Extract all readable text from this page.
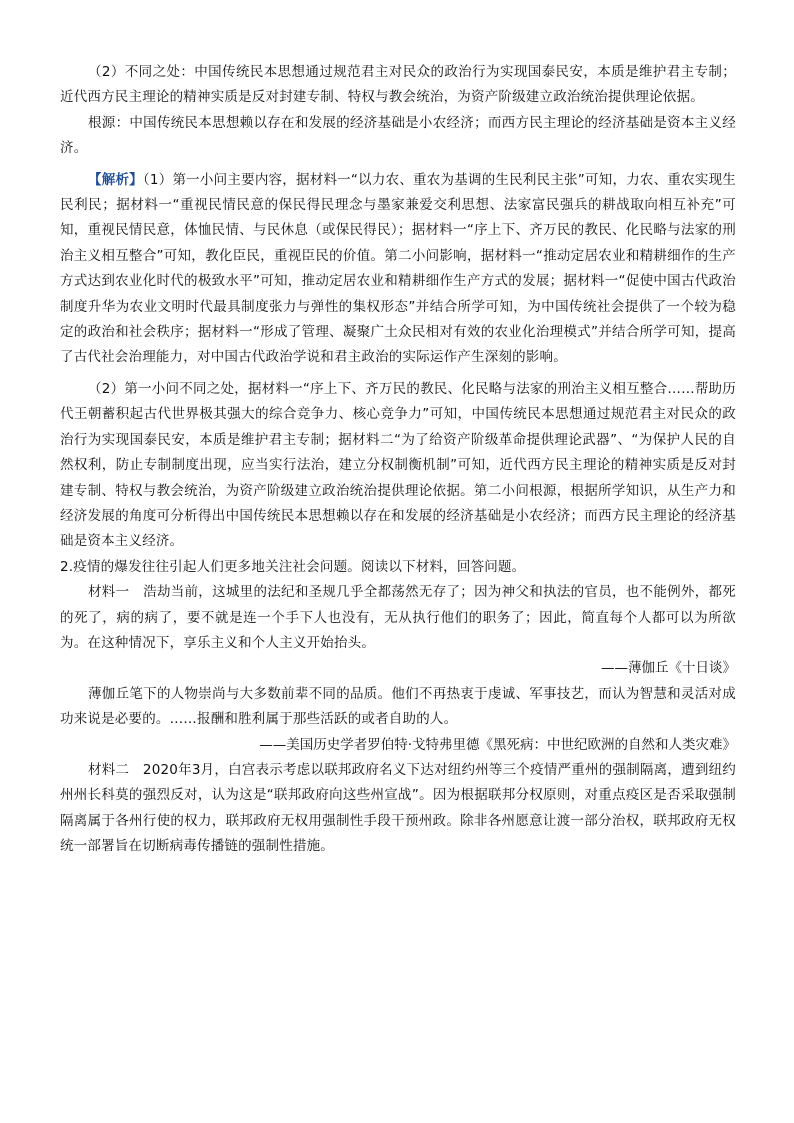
（2）不同之处：中国传统民本思想通过规范君主对民众的政治行为实现国泰民安，本质是维护君主专制；近代西方民主理论的精神实质是反对封建专制、特权与教会统治，为资产阶级建立政治统治提供理论依据。

根源：中国传统民本思想赖以存在和发展的经济基础是小农经济；而西方民主理论的经济基础是资本主义经济。

【解析】（1）第一小问主要内容，据材料一“以力农、重农为基调的生民利民主张”可知，力农、重农实现生民利民；据材料一“重视民情民意的保民得民理念与墨家兼爱交利思想、法家富民强兵的耕战取向相互补充”可知，重视民情民意，体恤民情、与民休息（或保民得民）；据材料一“序上下、齐万民的教民、化民略与法家的刑治主义相互整合”可知，教化臣民，重视臣民的价值。第二小问影响，据材料一“推动定居农业和精耕细作的生产方式达到农业化时代的极致水平”可知，推动定居农业和精耕细作生产方式的发展；据材料一“促使中国古代政治制度升华为农业文明时代最具制度张力与弹性的集权形态”并结合所学可知，为中国传统社会提供了一个较为稳定的政治和社会秩序；据材料一“形成了管理、凝聚广土众民相对有效的农业化治理模式”并结合所学可知，提高了古代社会治理能力，对中国古代政治学说和君主政治的实际运作产生深刻的影响。

（2）第一小问不同之处，据材料一“序上下、齐万民的教民、化民略与法家的刑治主义相互整合……帮助历代王朝蓄积起古代世界极其强大的综合竞争力、核心竞争力”可知，中国传统民本思想通过规范君主对民众的政治行为实现国泰民安，本质是维护君主专制；据材料二“为了给资产阶级革命提供理论武器”、“为保护人民的自然权利，防止专制制度出现，应当实行法治，建立分权制衡机制”可知，近代西方民主理论的精神实质是反对封建专制、特权与教会统治，为资产阶级建立政治统治提供理论依据。第二小问根源，根据所学知识，从生产力和经济发展的角度可分析得出中国传统民本思想赖以存在和发展的经济基础是小农经济；而西方民主理论的经济基础是资本主义经济。

2.疫情的爆发往往引起人们更多地关注社会问题。阅读以下材料，回答问题。

材料一　浩劫当前，这城里的法纪和圣规几乎全都荡然无存了；因为神父和执法的官员，也不能例外，都死的死了，病的病了，要不就是连一个手下人也没有，无从执行他们的职务了；因此，简直每个人都可以为所欲为。在这种情况下，享乐主义和个人主义开始抬头。

——薄伽丘《十日谈》

薄伽丘笔下的人物崇尚与大多数前辈不同的品质。他们不再热衷于虔诚、军事技艺，而认为智慧和灵活对成功来说是必要的。……报酬和胜利属于那些活跃的或者自助的人。

——美国历史学者罗伯特·戈特弗里德《黑死病：中世纪欧洲的自然和人类灾难》

材料二　2020年3月，白宫表示考虑以联邦政府名义下达对纽约州等三个疫情严重州的强制隔离，遭到纽约州州长科莫的强烈反对，认为这是“联邦政府向这些州宣战”。因为根据联邦分权原则，对重点疫区是否采取强制隔离属于各州行使的权力，联邦政府无权用强制性手段干预州政。除非各州愿意让渡一部分治权，联邦政府无权统一部署旨在切断病毒传播链的强制性措施。
